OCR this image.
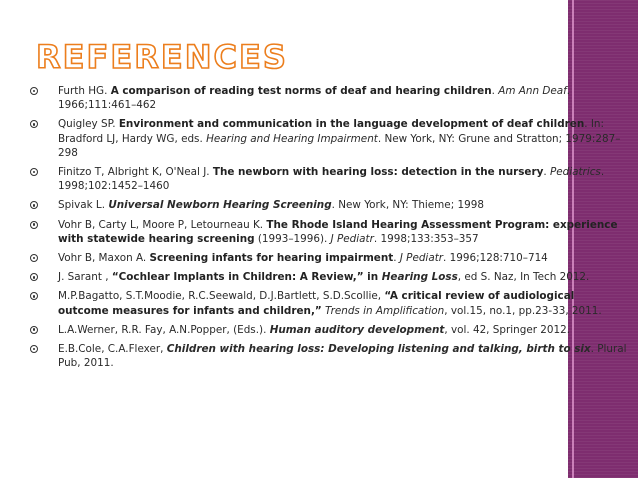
REFERENCES
Furth HG. A comparison of reading test norms of deaf and hearing children. Am Ann Deaf. 1966;111:461–462
Quigley SP. Environment and communication in the language development of deaf children. In: Bradford LJ, Hardy WG, eds. Hearing and Hearing Impairment. New York, NY: Grune and Stratton; 1979:287–298
Finitzo T, Albright K, O'Neal J. The newborn with hearing loss: detection in the nursery. Pediatrics. 1998;102:1452–1460
Spivak L. Universal Newborn Hearing Screening. New York, NY: Thieme; 1998
Vohr B, Carty L, Moore P, Letourneau K. The Rhode Island Hearing Assessment Program: experience with statewide hearing screening (1993–1996). J Pediatr. 1998;133:353–357
Vohr B, Maxon A. Screening infants for hearing impairment. J Pediatr. 1996;128:710–714
J. Sarant , “Cochlear Implants in Children: A Review,” in Hearing Loss, ed S. Naz, In Tech 2012.
M.P.Bagatto, S.T.Moodie, R.C.Seewald, D.J.Bartlett, S.D.Scollie, “A critical review of audiological outcome measures for infants and children,” Trends in Amplification, vol.15, no.1, pp.23-33, 2011.
L.A.Werner, R.R. Fay, A.N.Popper, (Eds.). Human auditory development, vol. 42, Springer 2012.
E.B.Cole, C.A.Flexer, Children with hearing loss: Developing listening and talking, birth to six. Plural Pub, 2011.
